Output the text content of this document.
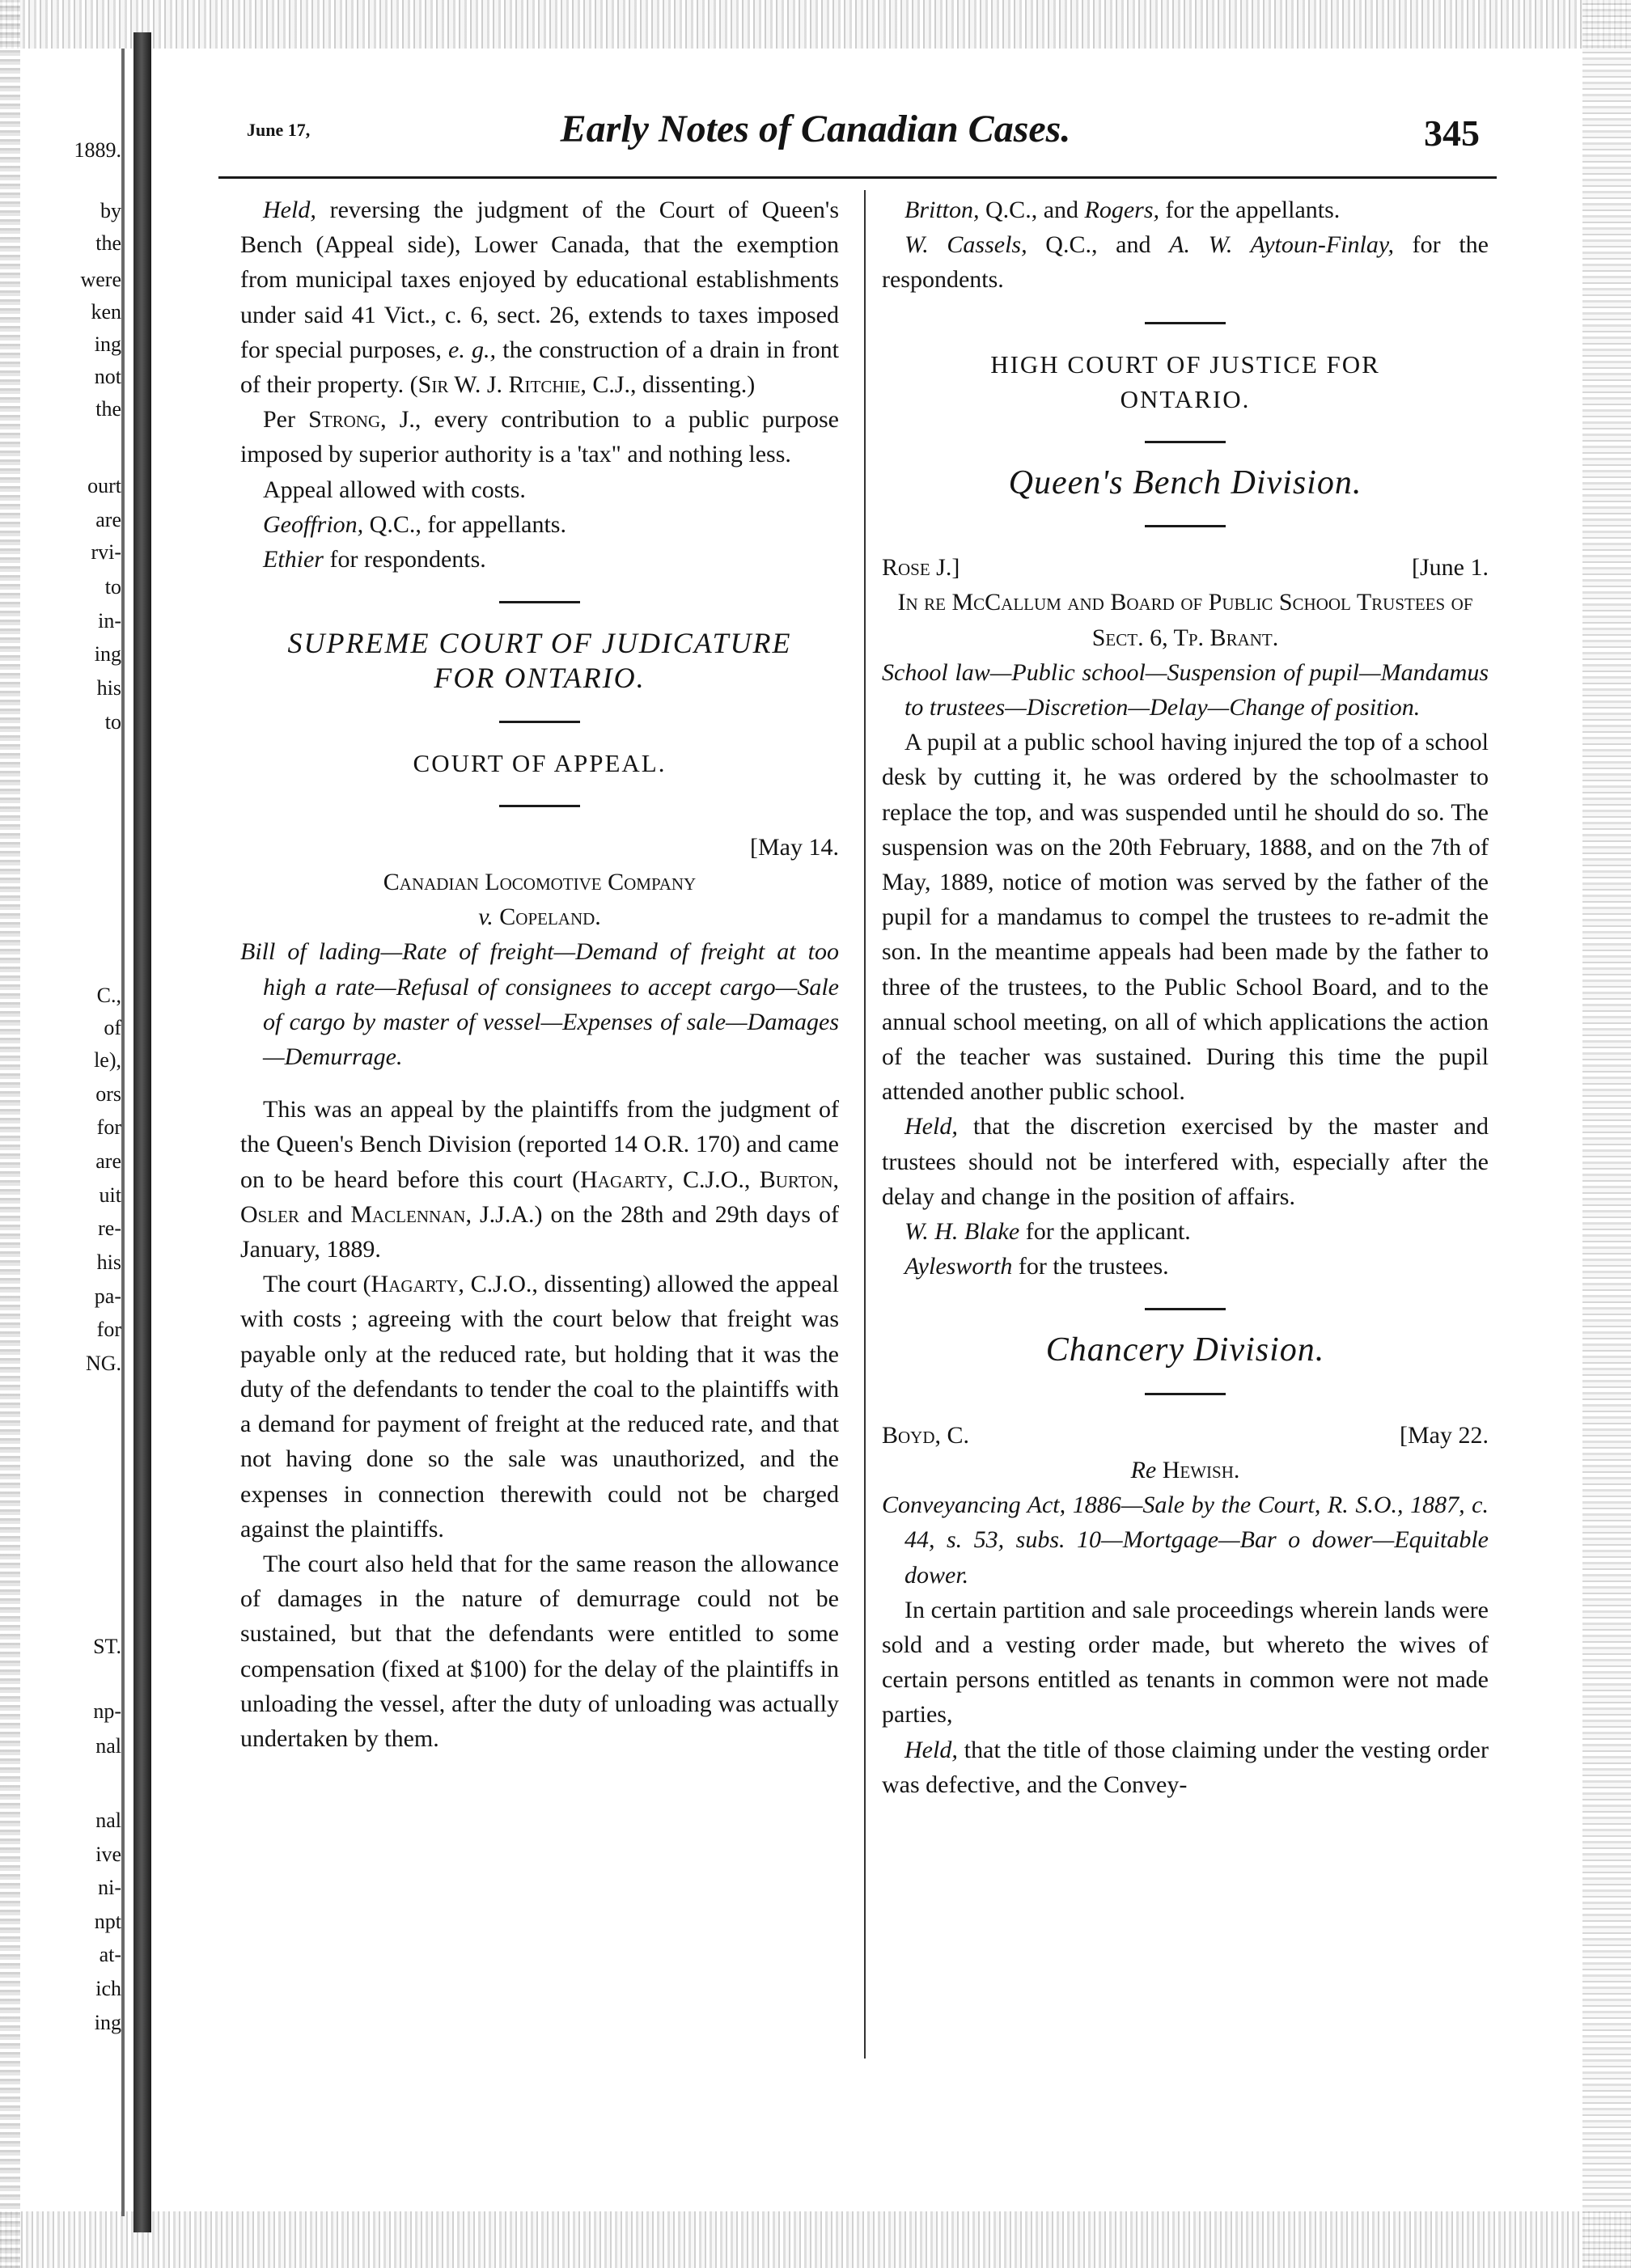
1889.
by
the
were
ken
ing
not
the
ourt
are
rvi-
to
in-
ing
his
to
C.,
of
le),
ors
for
are
uit
re-
his
pa-
for
NG.
ST.
np-
nal
nal
ive
ni-
npt
at-
ich
ing
June 17,	Early Notes of Canadian Cases.	345

Held, reversing the judgment of the Court of Queen's Bench (Appeal side), Lower Canada, that the exemption from municipal taxes enjoyed by educational establishments under said 41 Vict., c. 6, sect. 26, extends to taxes imposed for special purposes, e. g., the construction of a drain in front of their property. (Sir W. J. Ritchie, C.J., dissenting.)

Per Strong, J., every contribution to a public purpose imposed by superior authority is a 'tax" and nothing less.

Appeal allowed with costs.

Geoffrion, Q.C., for appellants.

Ethier for respondents.

SUPREME COURT OF JUDICATURE

FOR ONTARIO.

COURT OF APPEAL.

[May 14.

Canadian Locomotive Company

v. Copeland.

Bill of lading—Rate of freight—Demand of freight at too high a rate—Refusal of consignees to accept cargo—Sale of cargo by master of vessel—Expenses of sale—Damages—Demurrage.

This was an appeal by the plaintiffs from the judgment of the Queen's Bench Division (reported 14 O.R. 170) and came on to be heard before this court (Hagarty, C.J.O., Burton, Osler and Maclennan, J.J.A.) on the 28th and 29th days of January, 1889.

The court (Hagarty, C.J.O., dissenting) allowed the appeal with costs ; agreeing with the court below that freight was payable only at the reduced rate, but holding that it was the duty of the defendants to tender the coal to the plaintiffs with a demand for payment of freight at the reduced rate, and that not having done so the sale was unauthorized, and the expenses in connection therewith could not be charged against the plaintiffs.

The court also held that for the same reason the allowance of damages in the nature of demurrage could not be sustained, but that the defendants were entitled to some compensation (fixed at $100) for the delay of the plaintiffs in unloading the vessel, after the duty of unloading was actually undertaken by them.

Britton, Q.C., and Rogers, for the appellants.

W. Cassels, Q.C., and A. W. Aytoun-Finlay, for the respondents.

HIGH COURT OF JUSTICE FOR

ONTARIO.

Queen's Bench Division.

Rose J.]	[June 1.

In re McCallum and Board of Public School Trustees of Sect. 6, Tp. Brant.

School law—Public school—Suspension of pupil—Mandamus to trustees—Discretion—Delay—Change of position.

A pupil at a public school having injured the top of a school desk by cutting it, he was ordered by the schoolmaster to replace the top, and was suspended until he should do so. The suspension was on the 20th February, 1888, and on the 7th of May, 1889, notice of motion was served by the father of the pupil for a mandamus to compel the trustees to re-admit the son. In the meantime appeals had been made by the father to three of the trustees, to the Public School Board, and to the annual school meeting, on all of which applications the action of the teacher was sustained. During this time the pupil attended another public school.

Held, that the discretion exercised by the master and trustees should not be interfered with, especially after the delay and change in the position of affairs.

W. H. Blake for the applicant.

Aylesworth for the trustees.

Chancery Division.

Boyd, C.	[May 22.

Re Hewish.

Conveyancing Act, 1886—Sale by the Court, R. S.O., 1887, c. 44, s. 53, subs. 10—Mortgage—Bar o dower—Equitable dower.

In certain partition and sale proceedings wherein lands were sold and a vesting order made, but whereto the wives of certain persons entitled as tenants in common were not made parties,

Held, that the title of those claiming under the vesting order was defective, and the Convey-
